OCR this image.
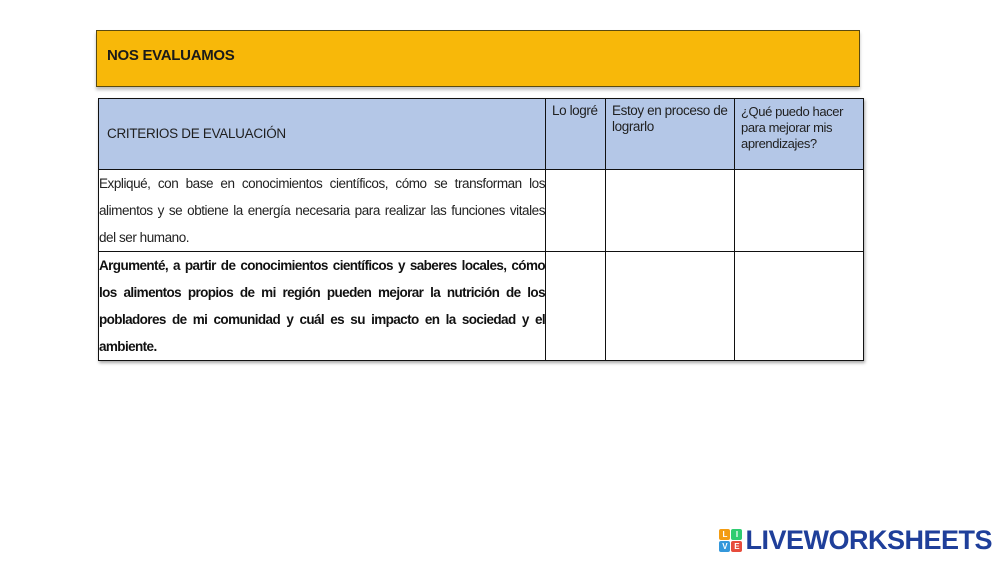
NOS EVALUAMOS
CRITERIOS DE EVALUACIÓN	Lo logré	Estoy en proceso de lograrlo	¿Qué puedo hacer para mejorar mis aprendizajes?

Expliqué, con base en conocimientos científicos, cómo se transforman los alimentos y se obtiene la energía necesaria para realizar las funciones vitales del ser humano.			
Argumenté, a partir de conocimientos científicos y saberes locales, cómo los alimentos propios de mi región pueden mejorar la nutrición de los pobladores de mi comunidad y cuál es su impacto en la sociedad y el ambiente.			
L	I
V E LIVEWORKSHEETS
